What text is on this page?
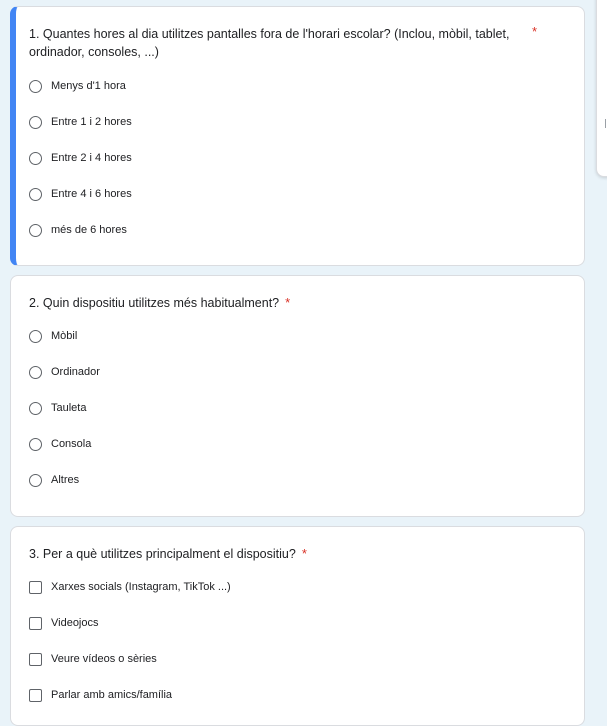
1. Quantes hores al dia utilitzes pantalles fora de l'horari escolar? (Inclou, mòbil, tablet, ordinador, consoles, ...)
*
Menys d'1 hora
Entre 1 i 2 hores
Entre 2 i 4 hores
Entre 4 i 6 hores
més de 6 hores
2. Quin dispositiu utilitzes més habitualment? *
Mòbil
Ordinador
Tauleta
Consola
Altres
3. Per a què utilitzes principalment el dispositiu? *
Xarxes socials (Instagram, TikTok ...)
Videojocs
Veure vídeos o sèries
Parlar amb amics/família
